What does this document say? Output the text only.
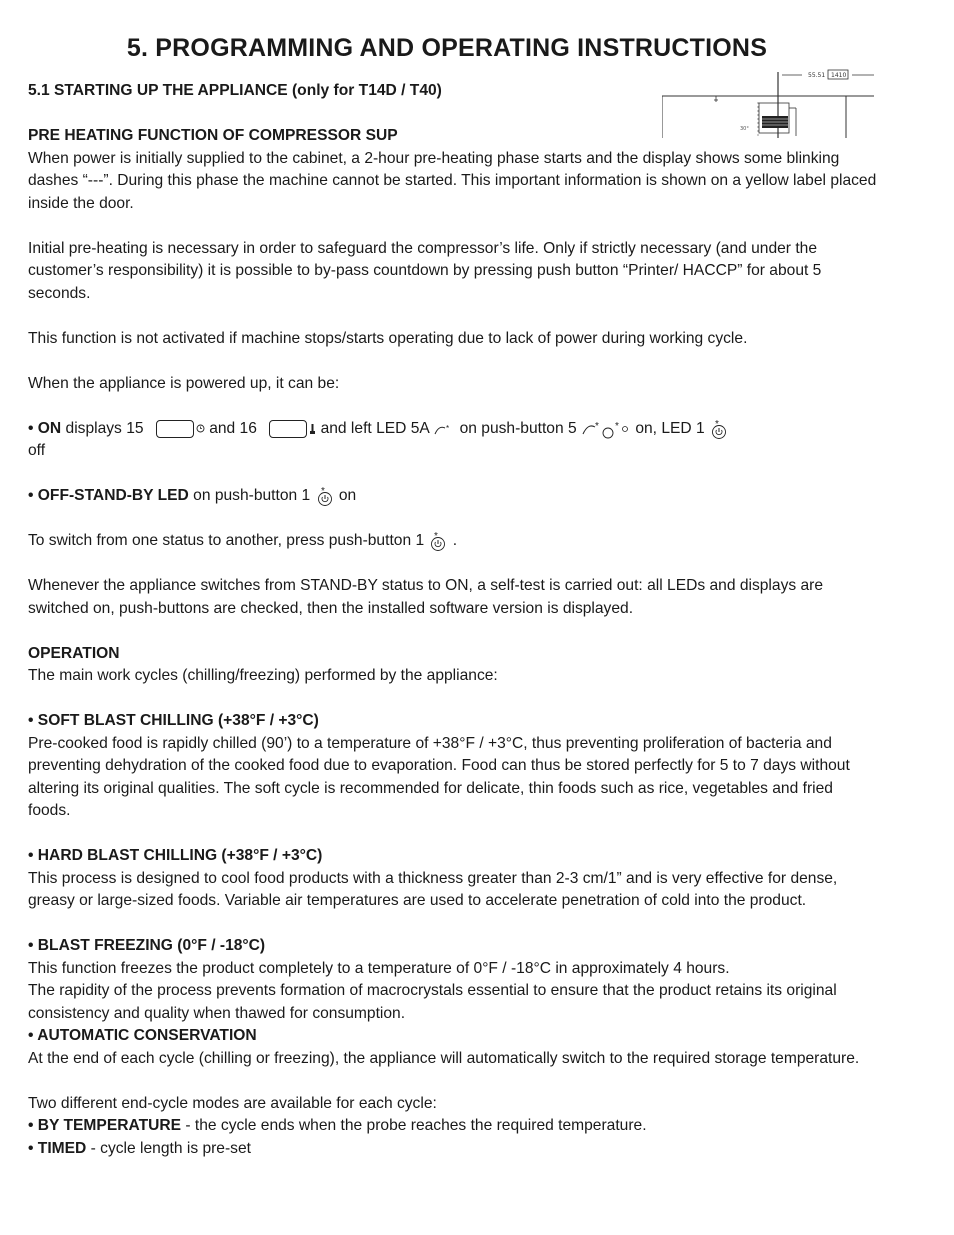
5. PROGRAMMING AND OPERATING INSTRUCTIONS
55.51 1410
30°

5.1 STARTING UP THE APPLIANCE (only for T14D / T40)

PRE HEATING FUNCTION OF COMPRESSOR SUP

When power is initially supplied to the cabinet, a 2-hour pre-heating phase starts and the display shows some blinking dashes “---”. During this phase the machine cannot be started. This important information is shown on a yellow label placed inside the door.

Initial pre-heating is necessary in order to safeguard the compressor’s life. Only if strictly necessary (and under the customer’s responsibility) it is possible to by-pass countdown by pressing push button “Printer/ HACCP” for about 5 seconds.

This function is not activated if machine stops/starts operating due to lack of power during working cycle.

When the appliance is powered up, it can be:

• ON displays 15	and 16	and left LED 5A * on push-button 5 * * on, LED 1 *

off

• OFF-STAND-BY LED on push-button 1 * on

To switch from one status to another, press push-button 1 * .

Whenever the appliance switches from STAND-BY status to ON, a self-test is carried out: all LEDs and displays are switched on, push-buttons are checked, then the installed software version is displayed.

OPERATION

The main work cycles (chilling/freezing) performed by the appliance:

• SOFT BLAST CHILLING (+38°F / +3°C)

Pre-cooked food is rapidly chilled (90’) to a temperature of +38°F / +3°C, thus preventing proliferation of bacteria and preventing dehydration of the cooked food due to evaporation. Food can thus be stored perfectly for 5 to 7 days without altering its original qualities. The soft cycle is recommended for delicate, thin foods such as rice, vegetables and fried foods.

• HARD BLAST CHILLING (+38°F / +3°C)

This process is designed to cool food products with a thickness greater than 2-3 cm/1” and is very effective for dense, greasy or large-sized foods. Variable air temperatures are used to accelerate penetration of cold into the product.

• BLAST FREEZING (0°F / -18°C)

This function freezes the product completely to a temperature of 0°F / -18°C in approximately 4 hours.

The rapidity of the process prevents formation of macrocrystals essential to ensure that the product retains its original consistency and quality when thawed for consumption.

• AUTOMATIC CONSERVATION

At the end of each cycle (chilling or freezing), the appliance will automatically switch to the required storage temperature.

Two different end-cycle modes are available for each cycle:

• BY TEMPERATURE - the cycle ends when the probe reaches the required temperature.

• TIMED - cycle length is pre-set
